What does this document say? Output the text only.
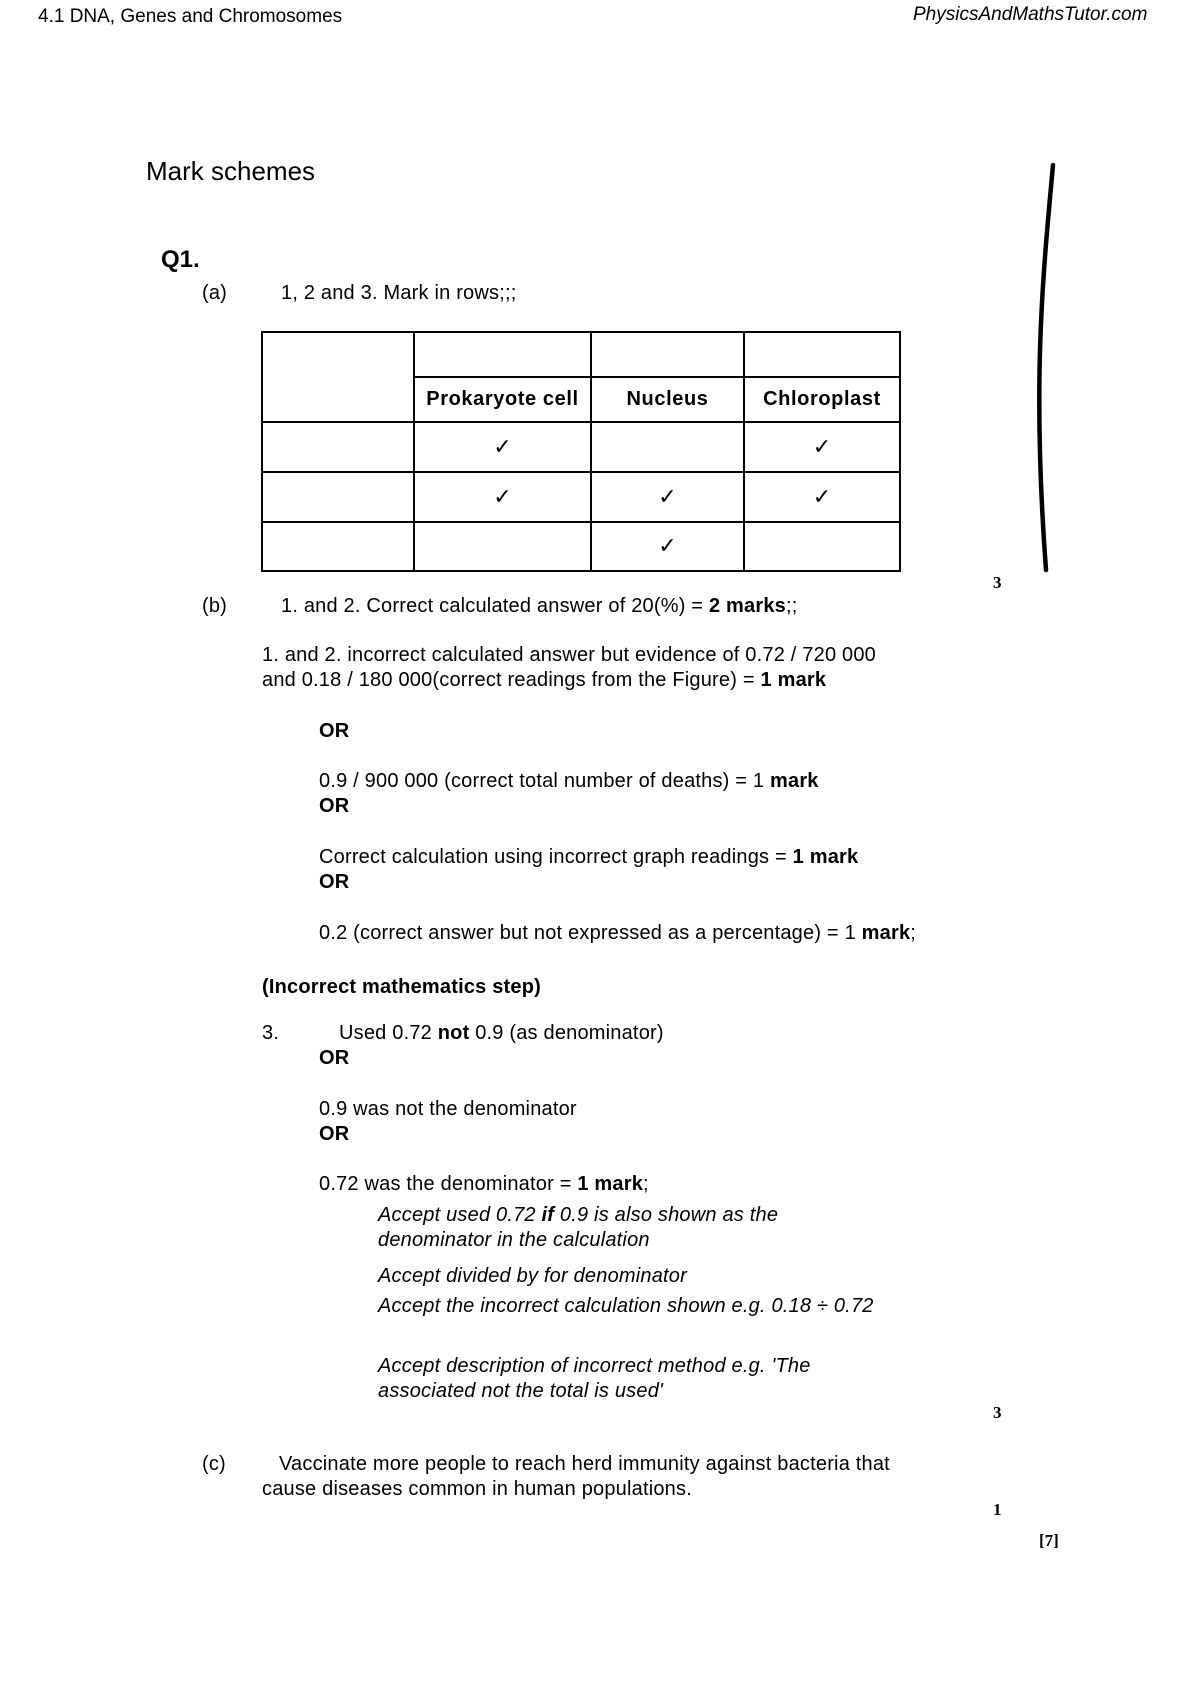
4.1 DNA, Genes and Chromosomes	PhysicsAndMathsTutor.com
Mark schemes
Q1.
(a)	1, 2 and 3. Mark in rows;;;

	Prokaryote cell	Nucleus	Chloroplast
	✓		✓
	✓	✓	✓
		✓	
3
(b)	1. and 2. Correct calculated answer of 20(%) = 2 marks;;
1. and 2. incorrect calculated answer but evidence of 0.72 / 720 000 and 0.18 / 180 000(correct readings from the Figure) = 1 mark
OR
0.9 / 900 000 (correct total number of deaths) = 1 mark
OR
Correct calculation using incorrect graph readings = 1 mark
OR
0.2 (correct answer but not expressed as a percentage) = 1 mark;
(Incorrect mathematics step)
3.	Used 0.72 not 0.9 (as denominator)
OR
0.9 was not the denominator
OR
0.72 was the denominator = 1 mark;
Accept used 0.72 if 0.9 is also shown as the denominator in the calculation
Accept divided by for denominator
Accept the incorrect calculation shown e.g. 0.18 ÷ 0.72
Accept description of incorrect method e.g. 'The associated not the total is used'
3
(c)	Vaccinate more people to reach herd immunity against bacteria that cause diseases common in human populations.
1
[7]
